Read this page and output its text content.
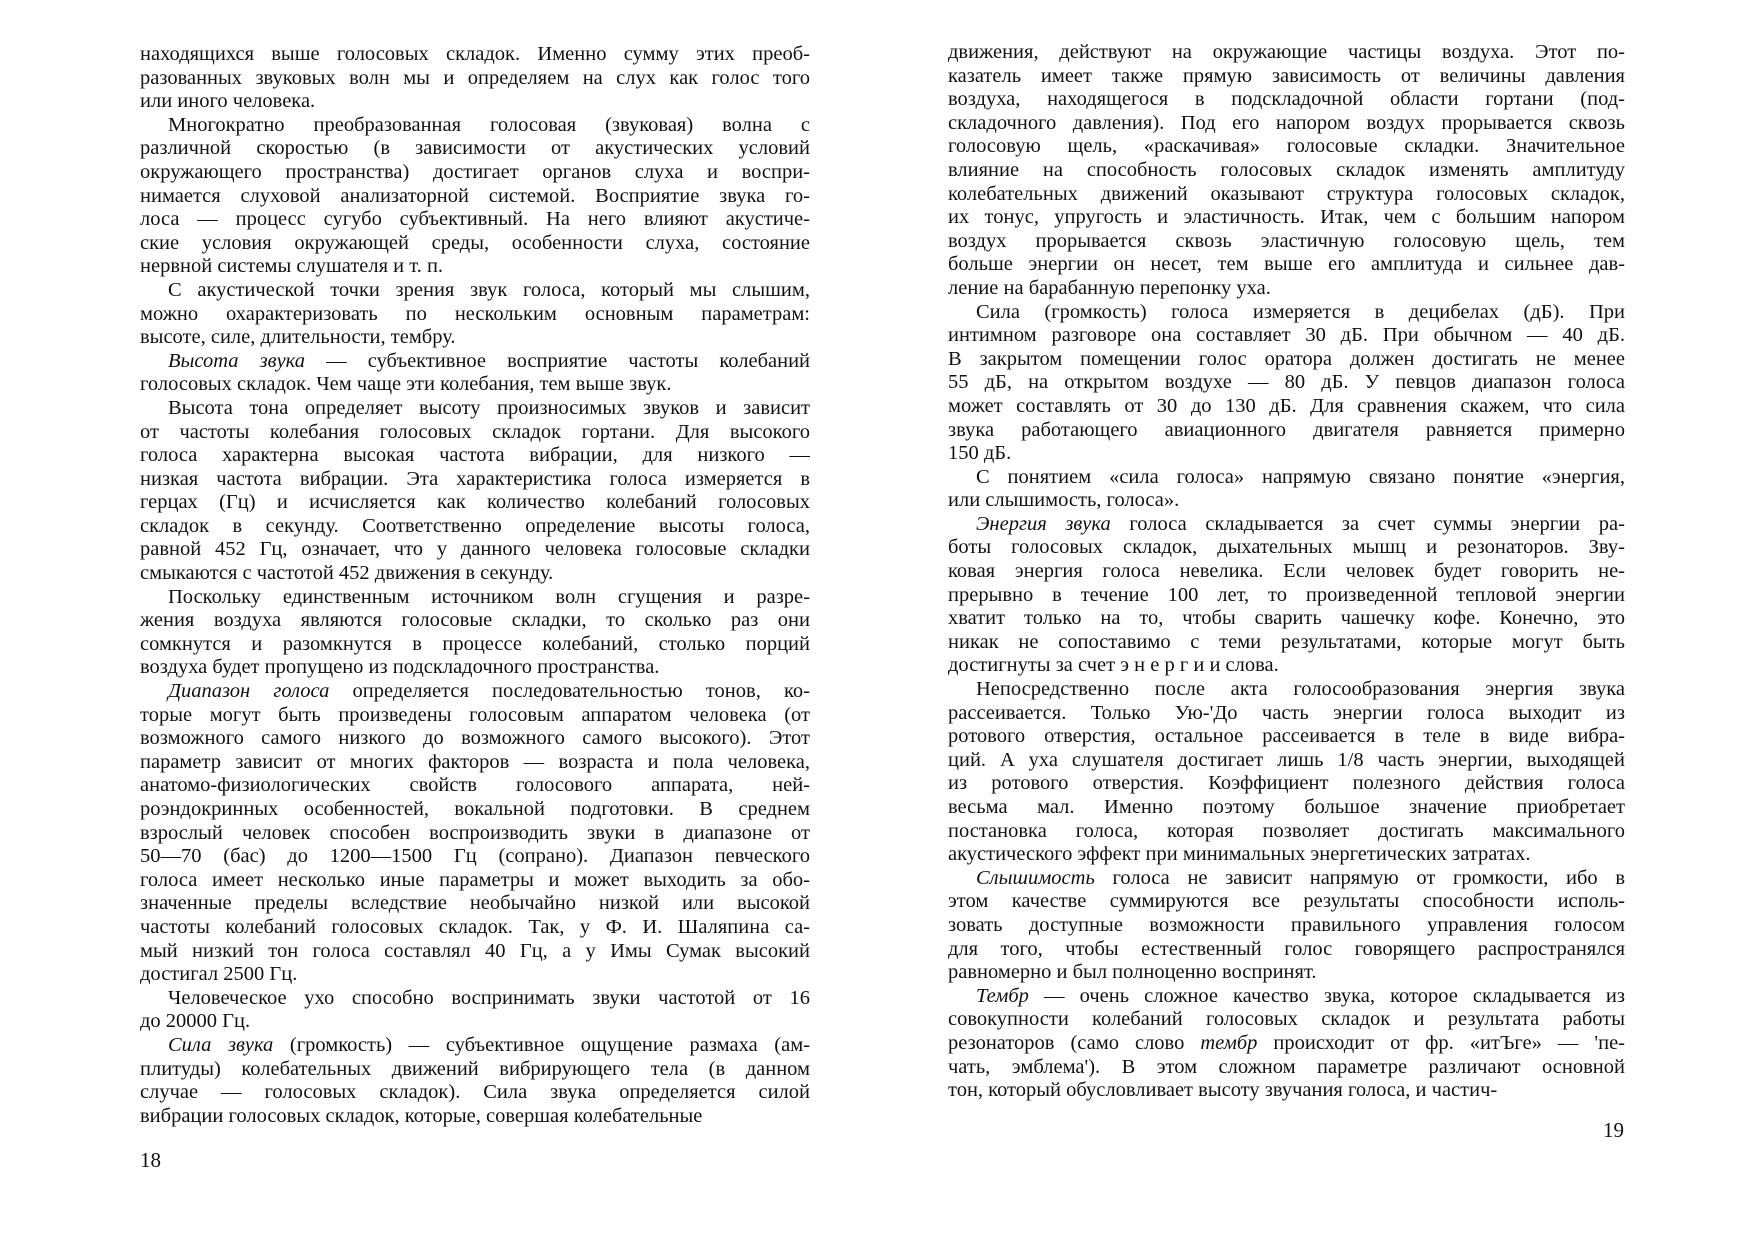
находящихся выше голосовых складок. Именно сумму этих преоб-
разованных звуковых волн мы и определяем на слух как голос того
или иного человека.
Многократно преобразованная голосовая (звуковая) волна с
различной скоростью (в зависимости от акустических условий
окружающего пространства) достигает органов слуха и воспри-
нимается слуховой анализаторной системой. Восприятие звука го-
лоса — процесс сугубо субъективный. На него влияют акустиче-
ские условия окружающей среды, особенности слуха, состояние
нервной системы слушателя и т. п.
С акустической точки зрения звук голоса, который мы слышим,
можно охарактеризовать по нескольким основным параметрам:
высоте, силе, длительности, тембру.
Высота звука — субъективное восприятие частоты колебаний
голосовых складок. Чем чаще эти колебания, тем выше звук.
Высота тона определяет высоту произносимых звуков и зависит
от частоты колебания голосовых складок гортани. Для высокого
голоса характерна высокая частота вибрации, для низкого —
низкая частота вибрации. Эта характеристика голоса измеряется в
герцах (Гц) и исчисляется как количество колебаний голосовых
складок в секунду. Соответственно определение высоты голоса,
равной 452 Гц, означает, что у данного человека голосовые складки
смыкаются с частотой 452 движения в секунду.
Поскольку единственным источником волн сгущения и разре-
жения воздуха являются голосовые складки, то сколько раз они
сомкнутся и разомкнутся в процессе колебаний, столько порций
воздуха будет пропущено из подскладочного пространства.
Диапазон голоса определяется последовательностью тонов, ко-
торые могут быть произведены голосовым аппаратом человека (от
возможного самого низкого до возможного самого высокого). Этот
параметр зависит от многих факторов — возраста и пола человека,
анатомо-физиологических свойств голосового аппарата, ней-
роэндокринных особенностей, вокальной подготовки. В среднем
взрослый человек способен воспроизводить звуки в диапазоне от
50—70 (бас) до 1200—1500 Гц (сопрано). Диапазон певческого
голоса имеет несколько иные параметры и может выходить за обо-
значенные пределы вследствие необычайно низкой или высокой
частоты колебаний голосовых складок. Так, у Ф. И. Шаляпина са-
мый низкий тон голоса составлял 40 Гц, а у Имы Сумак высокий
достигал 2500 Гц.
Человеческое ухо способно воспринимать звуки частотой от 16
до 20000 Гц.
Сила звука (громкость) — субъективное ощущение размаха (ам-
плитуды) колебательных движений вибрирующего тела (в данном
случае — голосовых складок). Сила звука определяется силой
вибрации голосовых складок, которые, совершая колебательные
18
движения, действуют на окружающие частицы воздуха. Этот по-
казатель имеет также прямую зависимость от величины давления
воздуха, находящегося в подскладочной области гортани (под-
складочного давления). Под его напором воздух прорывается сквозь
голосовую щель, «раскачивая» голосовые складки. Значительное
влияние на способность голосовых складок изменять амплитуду
колебательных движений оказывают структура голосовых складок,
их тонус, упругость и эластичность. Итак, чем с большим напором
воздух прорывается сквозь эластичную голосовую щель, тем
больше энергии он несет, тем выше его амплитуда и сильнее дав-
ление на барабанную перепонку уха.
Сила (громкость) голоса измеряется в децибелах (дБ). При
интимном разговоре она составляет 30 дБ. При обычном — 40 дБ.
В закрытом помещении голос оратора должен достигать не менее
55 дБ, на открытом воздухе — 80 дБ. У певцов диапазон голоса
может составлять от 30 до 130 дБ. Для сравнения скажем, что сила
звука работающего авиационного двигателя равняется примерно
150 дБ.
С понятием «сила голоса» напрямую связано понятие «энергия,
или слышимость, голоса».
Энергия звука голоса складывается за счет суммы энергии ра-
боты голосовых складок, дыхательных мышц и резонаторов. Зву-
ковая энергия голоса невелика. Если человек будет говорить не-
прерывно в течение 100 лет, то произведенной тепловой энергии
хватит только на то, чтобы сварить чашечку кофе. Конечно, это
никак не сопоставимо с теми результатами, которые могут быть
достигнуты за счет э н е р г и и слова.
Непосредственно после акта голосообразования энергия звука
рассеивается. Только Ую-'До часть энергии голоса выходит из
ротового отверстия, остальное рассеивается в теле в виде вибра-
ций. А уха слушателя достигает лишь 1/8 часть энергии, выходящей
из ротового отверстия. Коэффициент полезного действия голоса
весьма мал. Именно поэтому большое значение приобретает
постановка голоса, которая позволяет достигать максимального
акустического эффект при минимальных энергетических затратах.
Слышимость голоса не зависит напрямую от громкости, ибо в
этом качестве суммируются все результаты способности исполь-
зовать доступные возможности правильного управления голосом
для того, чтобы естественный голос говорящего распространялся
равномерно и был полноценно воспринят.
Тембр — очень сложное качество звука, которое складывается из
совокупности колебаний голосовых складок и результата работы
резонаторов (само слово тембр происходит от фр. «итЪге» — 'пе-
чать, эмблема'). В этом сложном параметре различают основной
тон, который обусловливает высоту звучания голоса, и частич-
19
